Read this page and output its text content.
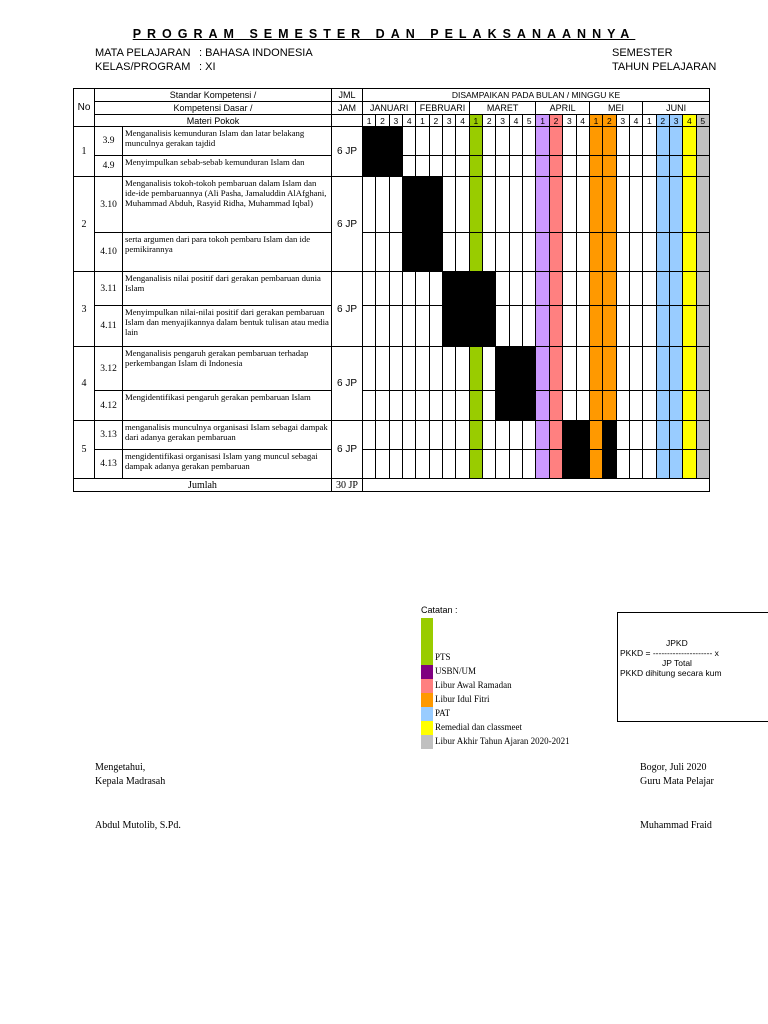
PROGRAM SEMESTER DAN PELAKSANAANNYA
MATA PELAJARAN : BAHASA INDONESIA
KELAS/PROGRAM : XI
SEMESTER
TAHUN PELAJARAN
No	Standar Kompetensi /		JML	DISAMPAIKAN PADA BULAN / MINGGU KE																									
	Kompetensi Dasar /		JAM	JANUARI				FEBRUARI				MARET					APRIL				MEI				JUNI				
	Materi Pokok			1	2	3	4	1	2	3	4	1	2	3	4	5	1	2	3	4	1	2	3	4	1	2	3	4	5
1	3.9	Menganalisis kemunduran Islam dan latar belakang munculnya gerakan tajdid	6 JP																										
	4.9	Menyimpulkan sebab-sebab kemunduran Islam dan																											
2	3.10	Menganalisis tokoh-tokoh pembaruan dalam Islam dan ide-ide pembaruannya (Ali Pasha, Jamaluddin AlAfghani, Muhammad Abduh, Rasyid Ridha, Muhammad Iqbal)	6 JP																										
	4.10	serta argumen dari para tokoh pembaru Islam dan ide pemikirannya																											
3	3.11	Menganalisis nilai positif dari gerakan pembaruan dunia Islam	6 JP																										
	4.11	Menyimpulkan nilai-nilai positif dari gerakan pembaruan Islam dan menyajikannya dalam bentuk tulisan atau media lain																											
4	3.12	Menganalisis pengaruh gerakan pembaruan terhadap perkembangan Islam di Indonesia	6 JP																										
	4.12	Mengidentifikasi pengaruh gerakan pembaruan Islam																											
5	3.13	menganalisis munculnya organisasi Islam sebagai dampak dari adanya gerakan pembaruan	6 JP																										
	4.13	mengidentifikasi organisasi Islam yang muncul sebagai dampak adanya gerakan pembaruan																											
Jumlah			30 JP																										
Catatan :
PTS
USBN/UM
Libur Awal Ramadan
Libur Idul Fitri
PAT
Remedial dan classmeet
Libur Akhir Tahun Ajaran 2020-2021
JPKD
PKKD = --------------------- x
JP Total
PKKD dihitung secara kum
Mengetahui,
Kepala Madrasah
Abdul Mutolib, S.Pd.
Bogor, Juli 2020
Guru Mata Pelajar
Muhammad Fraid
